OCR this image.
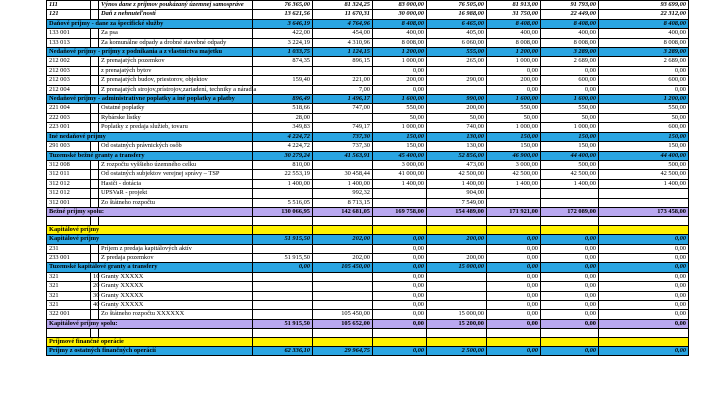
111		Výnos dane z príjmov poukázaný územnej samospráve	76 365,00	81 324,25	83 000,00	76 505,00	81 913,00	91 793,00	93 699,00
121		Daň z nehnuteľností	13 621,56	11 670,31	30 000,00	16 988,00	31 750,00	22 449,00	22 312,00
Daňové príjmy - dane za špecifické služby			3 646,19	4 764,96	8 408,00	6 465,00	8 408,00	8 408,00	8 408,00
133 001		Za psa	422,00	454,00	400,00	405,00	400,00	400,00	400,00
133 013		Za komunálne odpady a drobné stavebné odpady	3 224,19	4 310,96	8 008,00	6 060,00	8 008,00	8 008,00	8 008,00
Nedaňové príjmy - príjmy z podnikania a z vlastníctva majetku			1 033,75	1 124,15	1 200,00	555,00	1 200,00	3 289,00	3 289,00
212 002		Z prenajatých pozemkov	874,35	896,15	1 000,00	265,00	1 000,00	2 689,00	2 689,00
212 003		z prenajatých bytov			0,00		0,00	0,00	0,00
212 003		Z prenajatých budov, priestorov, objektov	159,40	221,00	200,00	290,00	200,00	600,00	600,00
212 004		Z prenajatých strojov,prístrojov,zariadení, techniky a náradia		7,00	0,00		0,00	0,00	0,00
Nedaňové príjmy - administratívne poplatky a iné poplatky a platby			896,49	1 496,17	1 600,00	990,00	1 600,00	1 600,00	1 200,00
221 004		Ostatné poplatky	518,66	747,00	550,00	200,00	550,00	550,00	550,00
222 003		Rybárske lístky	28,00		50,00	50,00	50,00	50,00	50,00
223 001		Poplatky z predaja služieb, tovaru	349,83	749,17	1 000,00	740,00	1 000,00	1 000,00	600,00
Iné nedaňové príjmy			4 224,72	737,30	150,00	130,00	150,00	150,00	150,00
291 003		Od ostatných právnických osôb	4 224,72	737,30	150,00	130,00	150,00	150,00	150,00
Tuzemské bežné granty a transfery			30 279,24	41 563,91	45 400,00	52 856,00	46 900,00	44 400,00	44 400,00
312 008		Z rozpočtu vyššieho územného celku	810,00		3 000,00	473,00	3 000,00	500,00	500,00
312 011		Od ostatných subjektov verejnej správy – TSP	22 553,19	30 458,44	41 000,00	42 500,00	42 500,00	42 500,00	42 500,00
312 012		Hasiči - dotácia	1 400,00	1 400,00	1 400,00	1 400,00	1 400,00	1 400,00	1 400,00
312 012		UPSVaR - projekt		992,32		904,00			
312 001		Zo štátneho rozpočtu	5 516,05	8 713,15		7 549,00			
Bežné príjmy spolu:			130 066,95	142 681,05	169 758,00	154 489,00	171 921,00	172 089,00	173 458,00

Kapitálové príjmy									
Kapitálové príjmy			51 915,50	202,00	0,00	200,00	0,00	0,00	0,00
231		Príjem z predaja kapitálových aktív			0,00		0,00	0,00	0,00
233 001		Z predaja pozemkov	51 915,50	202,00	0,00	200,00	0,00	0,00	0,00
Tuzemské kapitálové granty a transfery			0,00	105 450,00	0,00	15 000,00	0,00	0,00	0,00
321	10	Granty XXXXX			0,00		0,00	0,00	0,00
321	20	Granty XXXXX			0,00		0,00	0,00	0,00
321	30	Granty XXXXX			0,00		0,00	0,00	0,00
321	40	Granty XXXXX			0,00		0,00	0,00	0,00
322 001		Zo štátneho rozpočtu XXXXXX		105 450,00	0,00	15 000,00	0,00	0,00	0,00
Kapitálové príjmy spolu:			51 915,50	105 652,00	0,00	15 200,00	0,00	0,00	0,00

Príjmové finančné operácie									
Príjmy z ostatných finančných operácií			62 336,10	29 964,75	0,00	2 500,00	0,00	0,00	0,00
